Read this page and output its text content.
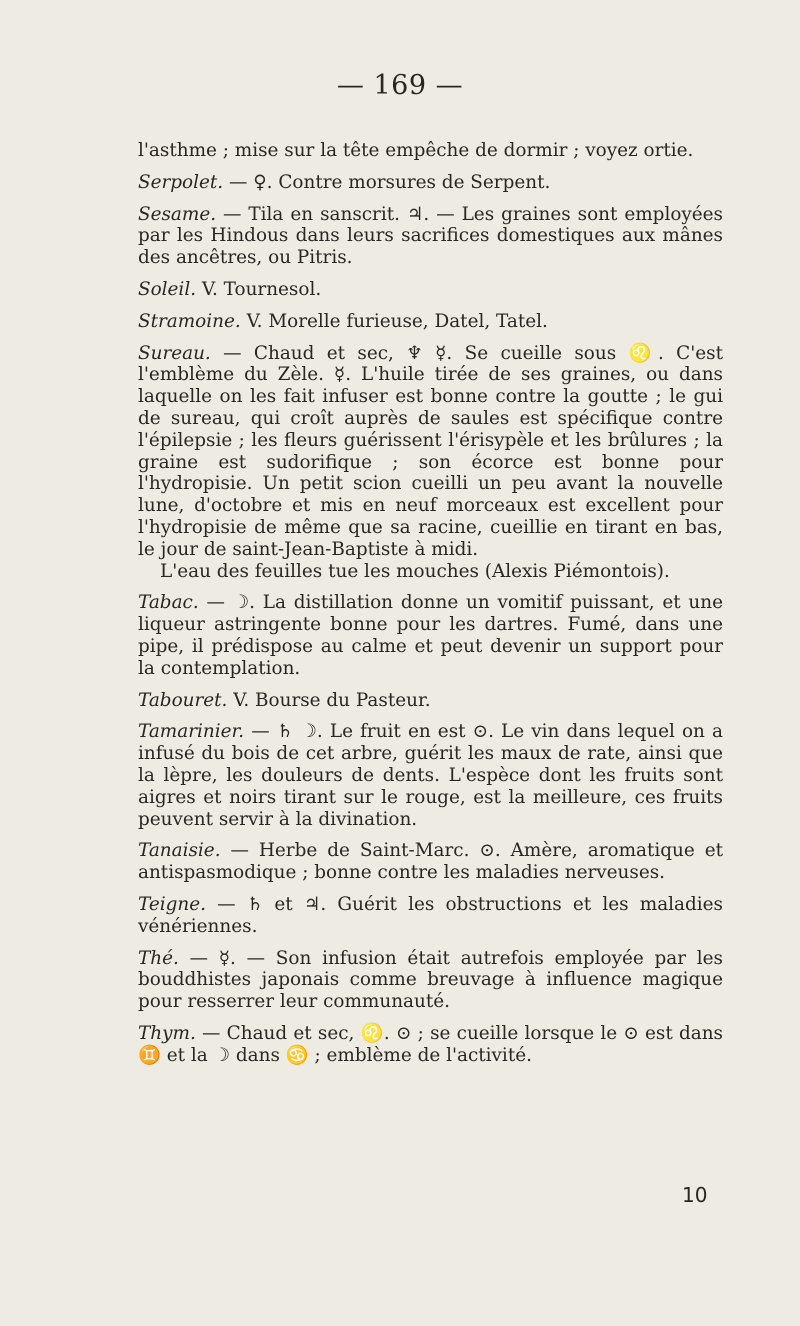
— 169 —

l'asthme ; mise sur la tête empêche de dormir ; voyez ortie.

Serpolet. — ♀. Contre morsures de Serpent.

Sesame. — Tila en sanscrit. ♃. — Les graines sont employées par les Hindous dans leurs sacrifices domestiques aux mânes des ancêtres, ou Pitris.

Soleil. V. Tournesol.

Stramoine. V. Morelle furieuse, Datel, Tatel.

Sureau. — Chaud et sec, ♆ ☿. Se cueille sous ♌. C'est l'emblème du Zèle. ☿. L'huile tirée de ses graines, ou dans laquelle on les fait infuser est bonne contre la goutte ; le gui de sureau, qui croît auprès de saules est spécifique contre l'épilepsie ; les fleurs guérissent l'érisypèle et les brûlures ; la graine est sudorifique ; son écorce est bonne pour l'hydropisie. Un petit scion cueilli un peu avant la nouvelle lune, d'octobre et mis en neuf morceaux est excellent pour l'hydropisie de même que sa racine, cueillie en tirant en bas, le jour de saint-Jean-Baptiste à midi.

L'eau des feuilles tue les mouches (Alexis Piémontois).

Tabac. — ☽. La distillation donne un vomitif puissant, et une liqueur astringente bonne pour les dartres. Fumé, dans une pipe, il prédispose au calme et peut devenir un support pour la contemplation.

Tabouret. V. Bourse du Pasteur.

Tamarinier. — ♄ ☽. Le fruit en est ⊙. Le vin dans lequel on a infusé du bois de cet arbre, guérit les maux de rate, ainsi que la lèpre, les douleurs de dents. L'espèce dont les fruits sont aigres et noirs tirant sur le rouge, est la meilleure, ces fruits peuvent servir à la divination.

Tanaisie. — Herbe de Saint-Marc. ⊙. Amère, aromatique et antispasmodique ; bonne contre les maladies nerveuses.

Teigne. — ♄ et ♃. Guérit les obstructions et les maladies vénériennes.

Thé. — ☿. — Son infusion était autrefois employée par les bouddhistes japonais comme breuvage à influence magique pour resserrer leur communauté.

Thym. — Chaud et sec, ♌. ⊙ ; se cueille lorsque le ⊙ est dans ♊ et la ☽ dans ♋ ; emblème de l'activité.

10
